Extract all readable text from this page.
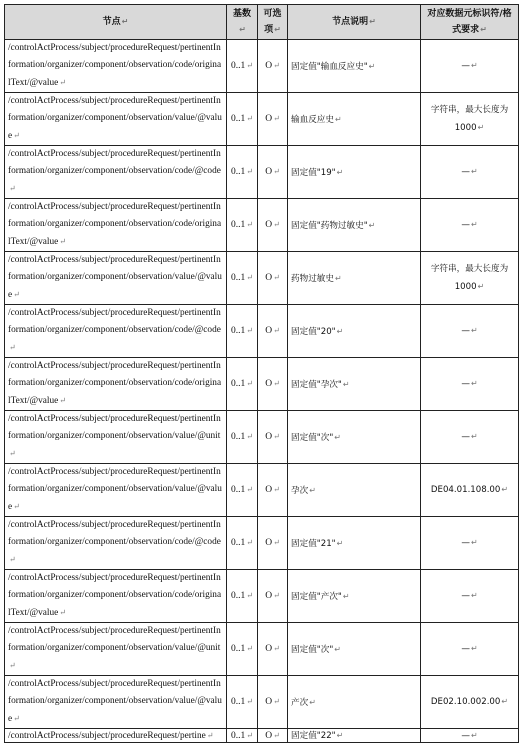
节点↵	基数↵	可选项↵	节点说明↵	对应数据元标识符/格式要求↵
/controlActProcess/subject/procedureRequest/pertinentInformation/organizer/component/observation/code/originalText/@value↵	0..1↵	O↵	固定值"输血反应史"↵	—↵
/controlActProcess/subject/procedureRequest/pertinentInformation/organizer/component/observation/value/@value↵	0..1↵	O↵	输血反应史↵	字符串，最大长度为 1000↵
/controlActProcess/subject/procedureRequest/pertinentInformation/organizer/component/observation/code/@code↵	0..1↵	O↵	固定值"19"↵	—↵
/controlActProcess/subject/procedureRequest/pertinentInformation/organizer/component/observation/code/originalText/@value↵	0..1↵	O↵	固定值"药物过敏史"↵	—↵
/controlActProcess/subject/procedureRequest/pertinentInformation/organizer/component/observation/value/@value↵	0..1↵	O↵	药物过敏史↵	字符串，最大长度为 1000↵
/controlActProcess/subject/procedureRequest/pertinentInformation/organizer/component/observation/code/@code↵	0..1↵	O↵	固定值"20"↵	—↵
/controlActProcess/subject/procedureRequest/pertinentInformation/organizer/component/observation/code/originalText/@value↵	0..1↵	O↵	固定值"孕次"↵	—↵
/controlActProcess/subject/procedureRequest/pertinentInformation/organizer/component/observation/value/@unit↵	0..1↵	O↵	固定值"次"↵	—↵
/controlActProcess/subject/procedureRequest/pertinentInformation/organizer/component/observation/value/@value↵	0..1↵	O↵	孕次↵	DE04.01.108.00↵
/controlActProcess/subject/procedureRequest/pertinentInformation/organizer/component/observation/code/@code↵	0..1↵	O↵	固定值"21"↵	—↵
/controlActProcess/subject/procedureRequest/pertinentInformation/organizer/component/observation/code/originalText/@value↵	0..1↵	O↵	固定值"产次"↵	—↵
/controlActProcess/subject/procedureRequest/pertinentInformation/organizer/component/observation/value/@unit↵	0..1↵	O↵	固定值"次"↵	—↵
/controlActProcess/subject/procedureRequest/pertinentInformation/organizer/component/observation/value/@value↵	0..1↵	O↵	产次↵	DE02.10.002.00↵
/controlActProcess/subject/procedureRequest/pertine↵	0..1↵	O↵	固定值"22"↵	—↵
